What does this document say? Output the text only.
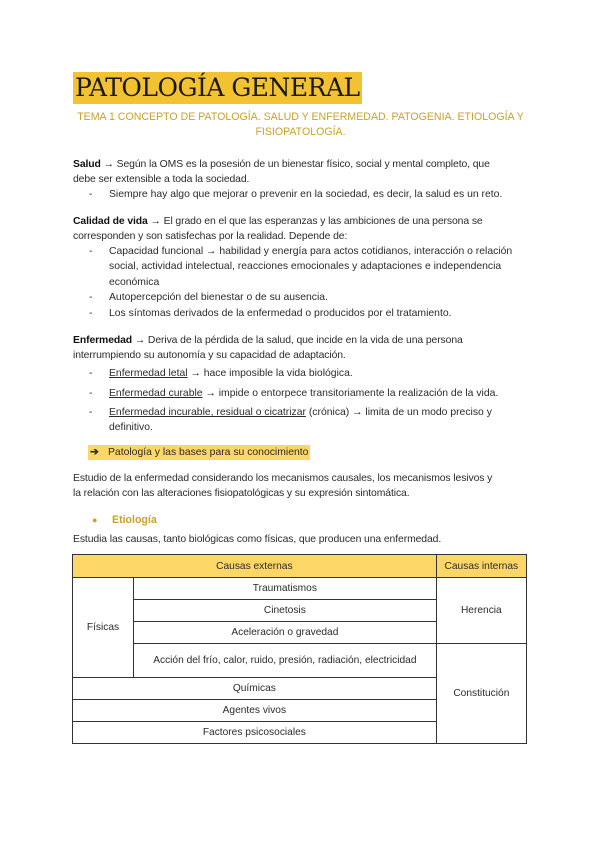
PATOLOGÍA GENERAL
TEMA 1 CONCEPTO DE PATOLOGÍA. SALUD Y ENFERMEDAD. PATOGENIA. ETIOLOGÍA Y FISIOPATOLOGÍA.
Salud → Según la OMS es la posesión de un bienestar físico, social y mental completo, que
debe ser extensible a toda la sociedad.
- Siempre hay algo que mejorar o prevenir en la sociedad, es decir, la salud es un reto.
Calidad de vida → El grado en el que las esperanzas y las ambiciones de una persona se
corresponden y son satisfechas por la realidad. Depende de:
- Capacidad funcional → habilidad y energía para actos cotidianos, interacción o relación social, actividad intelectual, reacciones emocionales y adaptaciones e independencia económica
- Autopercepción del bienestar o de su ausencia.
- Los síntomas derivados de la enfermedad o producidos por el tratamiento.
Enfermedad → Deriva de la pérdida de la salud, que incide en la vida de una persona
interrumpiendo su autonomía y su capacidad de adaptación.
- Enfermedad letal → hace imposible la vida biológica.
- Enfermedad curable → impide o entorpece transitoriamente la realización de la vida.
- Enfermedad incurable, residual o cicatrizar (crónica) → limita de un modo preciso y definitivo.
➔ Patología y las bases para su conocimiento
Estudio de la enfermedad considerando los mecanismos causales, los mecanismos lesivos y
la relación con las alteraciones fisiopatológicas y su expresión sintomática.
● Etiología
Estudia las causas, tanto biológicas como físicas, que producen una enfermedad.
Causas externas		Causas internas
Físicas	Traumatismos	Herencia
	Cinetosis	
	Aceleración o gravedad	
	Acción del frío, calor, ruido, presión, radiación, electricidad	Constitución
Químicas		
Agentes vivos		
Factores psicosociales		
